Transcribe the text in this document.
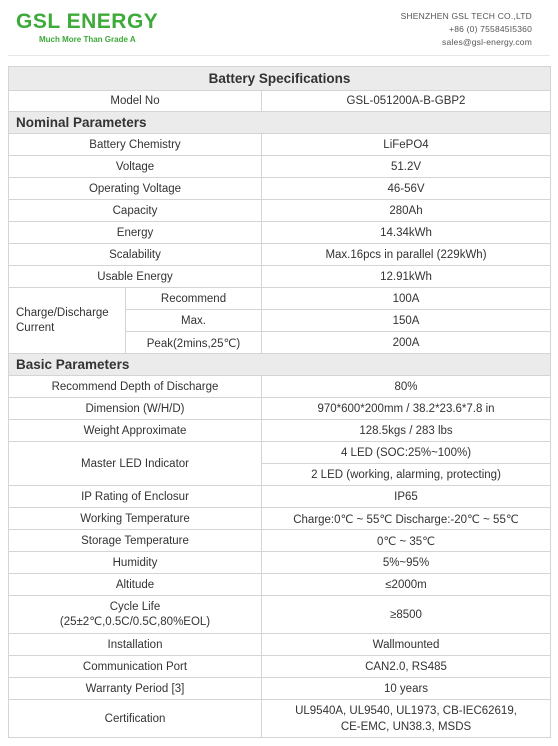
GSL ENERGY
Much More Than Grade A
SHENZHEN GSL TECH CO.,LTD
+86 (0) 755845I5360
sales@gsl-energy.com
Battery Specifications		
Model No		GSL-051200A-B-GBP2
Nominal Parameters		
Battery Chemistry		LiFePO4
Voltage		51.2V
Operating Voltage		46-56V
Capacity		280Ah
Energy		14.34kWh
Scalability		Max.16pcs in parallel (229kWh)
Usable Energy		12.91kWh
Charge/Discharge Current	Recommend	100A
	Max.	150A
	Peak(2mins,25℃)	200A
Basic Parameters		
Recommend Depth of Discharge		80%
Dimension (W/H/D)		970*600*200mm / 38.2*23.6*7.8 in
Weight Approximate		128.5kgs / 283 lbs
Master LED Indicator		4 LED (SOC:25%~100%)
		2 LED (working, alarming, protecting)
IP Rating of Enclosur		IP65
Working Temperature		Charge:0℃ ~ 55℃ Discharge:-20℃ ~ 55℃
Storage Temperature		0℃ ~ 35℃
Humidity		5%~95%
Altitude		≤2000m

Cycle Life
(25±2℃,0.5C/0.5C,80%EOL)		≥8500
Installation		Wallmounted
Communication Port		CAN2.0, RS485
Warranty Period [3]		10 years
Certification		UL9540A, UL9540, UL1973, CB-IEC62619,
CE-EMC, UN38.3, MSDS
